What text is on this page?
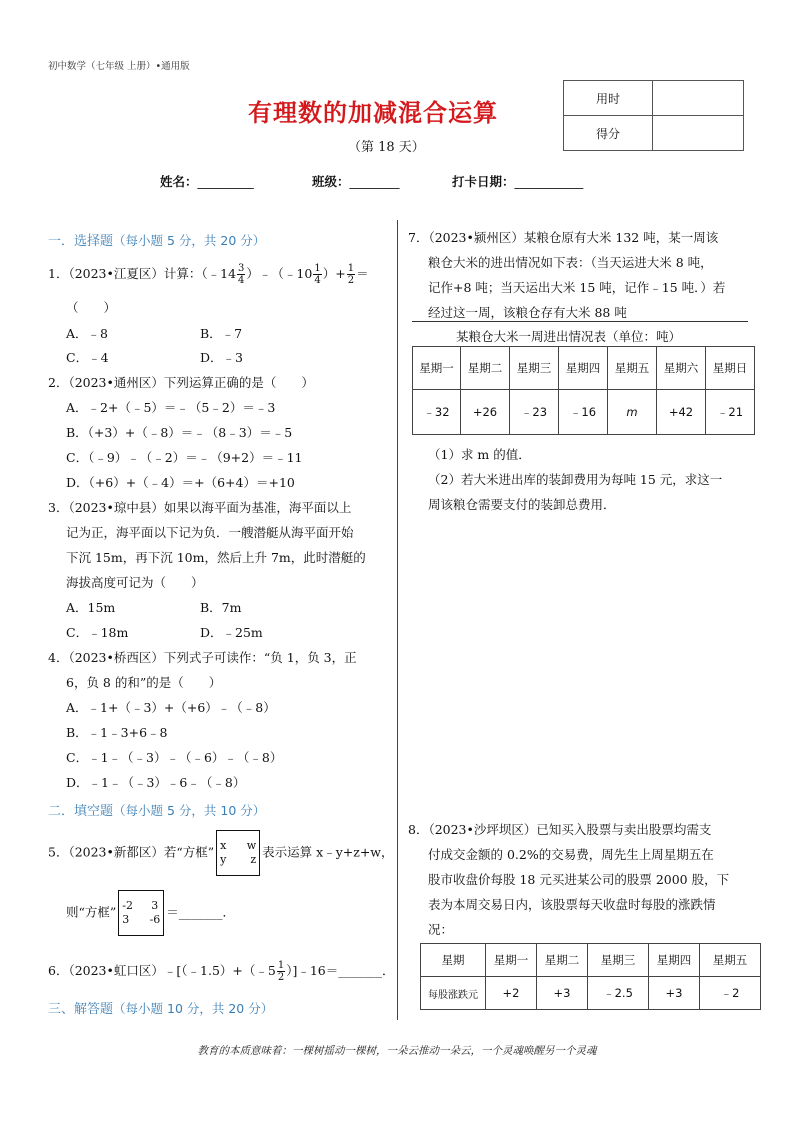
初中数学（七年级 上册）•通用版
有理数的加减混合运算
（第 18 天）
用时	
得分	
姓名：_________	班级：________	打卡日期：___________
一．选择题（每小题 5 分，共 20 分）
1．（2023•江夏区）计算：（﹣14 $\frac{3}{4}$ ）﹣（﹣10 $\frac{1}{4}$ ）+ $\frac{1}{2}$ ＝
（　　）
A．﹣8	B．﹣7
C．﹣4	D．﹣3
2．（2023•通州区）下列运算正确的是（　　）
A．﹣2+（﹣5）＝﹣（5﹣2）＝﹣3
B．（+3）+（﹣8）＝﹣（8﹣3）＝﹣5
C．（﹣9）﹣（﹣2）＝﹣（9+2）＝﹣11
D．（+6）+（﹣4）＝+（6+4）＝+10
3．（2023•琼中县）如果以海平面为基准，海平面以上
记为正，海平面以下记为负．一艘潜艇从海平面开始
下沉 15m，再下沉 10m，然后上升 7m，此时潜艇的
海拔高度可记为（　　）
A．15m	B．7m
C．﹣18m	D．﹣25m
4．（2023•桥西区）下列式子可读作：“负 1，负 3，正
6，负 8 的和”的是（　　）
A．﹣1+（﹣3）+（+6）﹣（﹣8）
B．﹣1﹣3+6﹣8
C．﹣1﹣（﹣3）﹣（﹣6）﹣（﹣8）
D．﹣1﹣（﹣3）﹣6﹣（﹣8）
二．填空题（每小题 5 分，共 10 分）
5．（2023•新都区）若“方框” x w
y z 表示运算 x﹣y+z+w，
则“方框” -2 3
3 -6 ＝_______．
6．（2023•虹口区）﹣[（﹣1.5）+（﹣5 $\frac{1}{2}$ ）]﹣16＝_______．
三、解答题（每小题 10 分，共 20 分）
7．（2023•颍州区）某粮仓原有大米 132 吨，某一周该
粮仓大米的进出情况如下表：（当天运进大米 8 吨，
记作+8 吨；当天运出大米 15 吨，记作﹣15 吨．）若
经过这一周，该粮仓存有大米 88 吨
某粮仓大米一周进出情况表（单位：吨）
星期一	星期二	星期三	星期四	星期五	星期六	星期日
﹣32	+26	﹣23	﹣16	m	+42	﹣21
（1）求 m 的值．
（2）若大米进出库的装卸费用为每吨 15 元，求这一
周该粮仓需要支付的装卸总费用．
8．（2023•沙坪坝区）已知买入股票与卖出股票均需支
付成交金额的 0.2%的交易费，周先生上周星期五在
股市收盘价每股 18 元买进某公司的股票 2000 股，下
表为本周交易日内，该股票每天收盘时每股的涨跌情
况：
星期	星期一	星期二	星期三	星期四	星期五
每股涨跌元	+2	+3	﹣2.5	+3	﹣2
教育的本质意味着：一棵树摇动一棵树，一朵云推动一朵云，一个灵魂唤醒另一个灵魂
